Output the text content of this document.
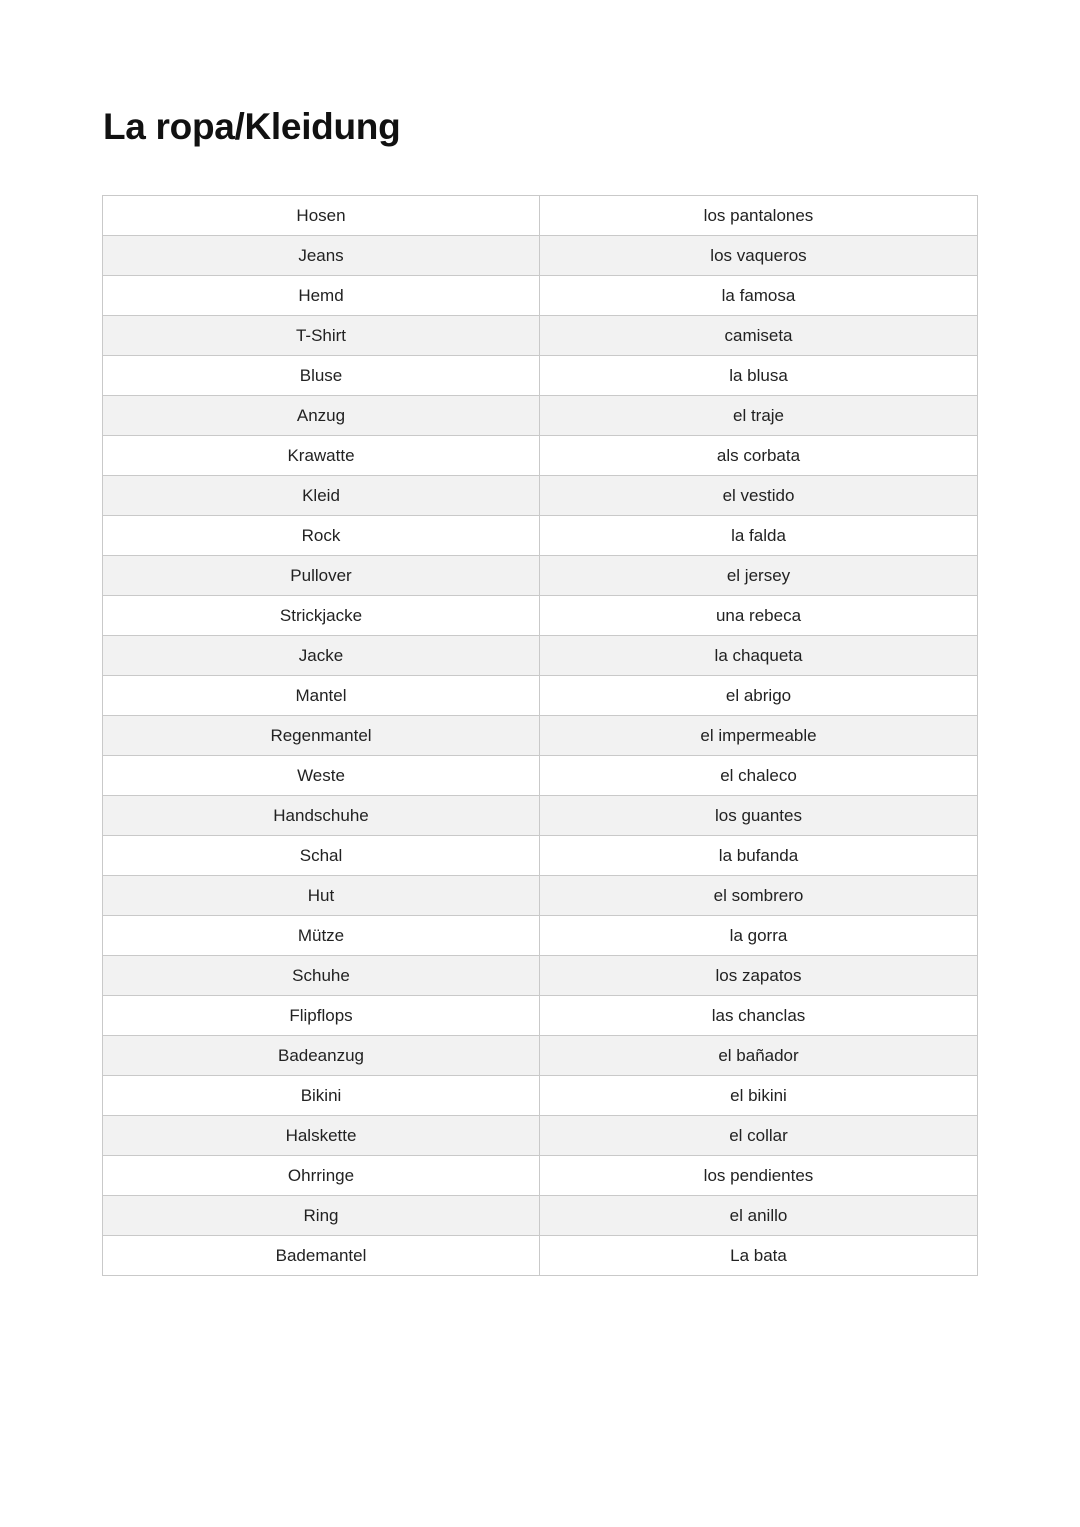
La ropa/Kleidung
Hosen	los pantalones
Jeans	los vaqueros
Hemd	la famosa
T-Shirt	camiseta
Bluse	la blusa
Anzug	el traje
Krawatte	als corbata
Kleid	el vestido
Rock	la falda
Pullover	el jersey
Strickjacke	una rebeca
Jacke	la chaqueta
Mantel	el abrigo
Regenmantel	el impermeable
Weste	el chaleco
Handschuhe	los guantes
Schal	la bufanda
Hut	el sombrero
Mütze	la gorra
Schuhe	los zapatos
Flipflops	las chanclas
Badeanzug	el bañador
Bikini	el bikini
Halskette	el collar
Ohrringe	los pendientes
Ring	el anillo
Bademantel	La bata
